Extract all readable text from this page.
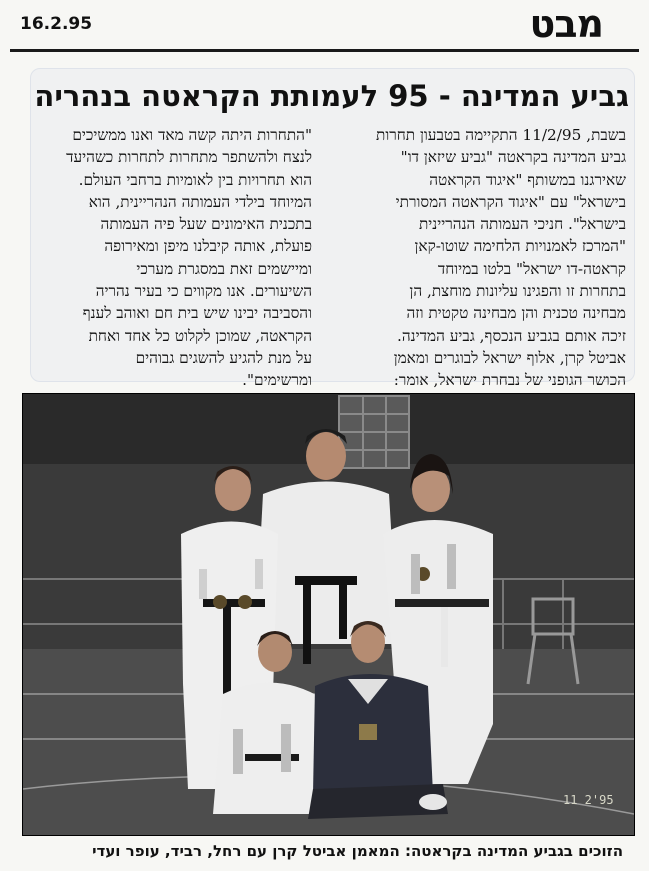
16.2.95	מבט
גביע המדינה - 95 לעמותת הקראטה בנהריה
בשבת, 11/2/95 התקיימה בטבעון תחרות
גביע המדינה בקראטה "גביע שיזאן דו"
שאירגנו במשותף "איגוד הקראטה
בישראל" עם "איגוד הקראטה המסורתי
בישראל". חניכי העמותה הנהריינית
"המרכז לאמנויות הלחימה שוטו-קאן
קראטה-דו ישראל" בלטו במיוחד
בתחרות זו והפגינו עליונות מוחצת, הן
מבחינה טכנית והן מבחינה טקטית וזה
זיכה אותם בגביע הנכסף, גביע המדינה.
אביטל קרן, אלוף ישראל לבוגרים ומאמן
הכושר הגופני של נבחרת ישראל, אומר:
"התחרות היתה קשה מאד ואנו ממשיכים
לנצח ולהשתפר מתחרות לתחרות כשהיעד
הוא תחרויות בין לאומיות ברחבי העולם.
המיוחד בילדי העמותה הנהריינית, הוא
בתכנית האימונים שעל פיה העמותה
פועלת, אותה קיבלנו מיפן ומאירופה
ומיישמים זאת במסגרת מערכי
השיעורים. אנו מקווים כי בעיר נהריה
והסביבה יבינו שיש בית חם ואוהב לענף
הקראטה, שמוכן לקלוט כל אחד ואחת
על מנת להגיע להשגים גבוהים
ומרשימים".
11 2'95
הזוכים בגביע המדינה בקראטה: המאמן אביטל קרן עם רחל, רביד, עופר ועדי
